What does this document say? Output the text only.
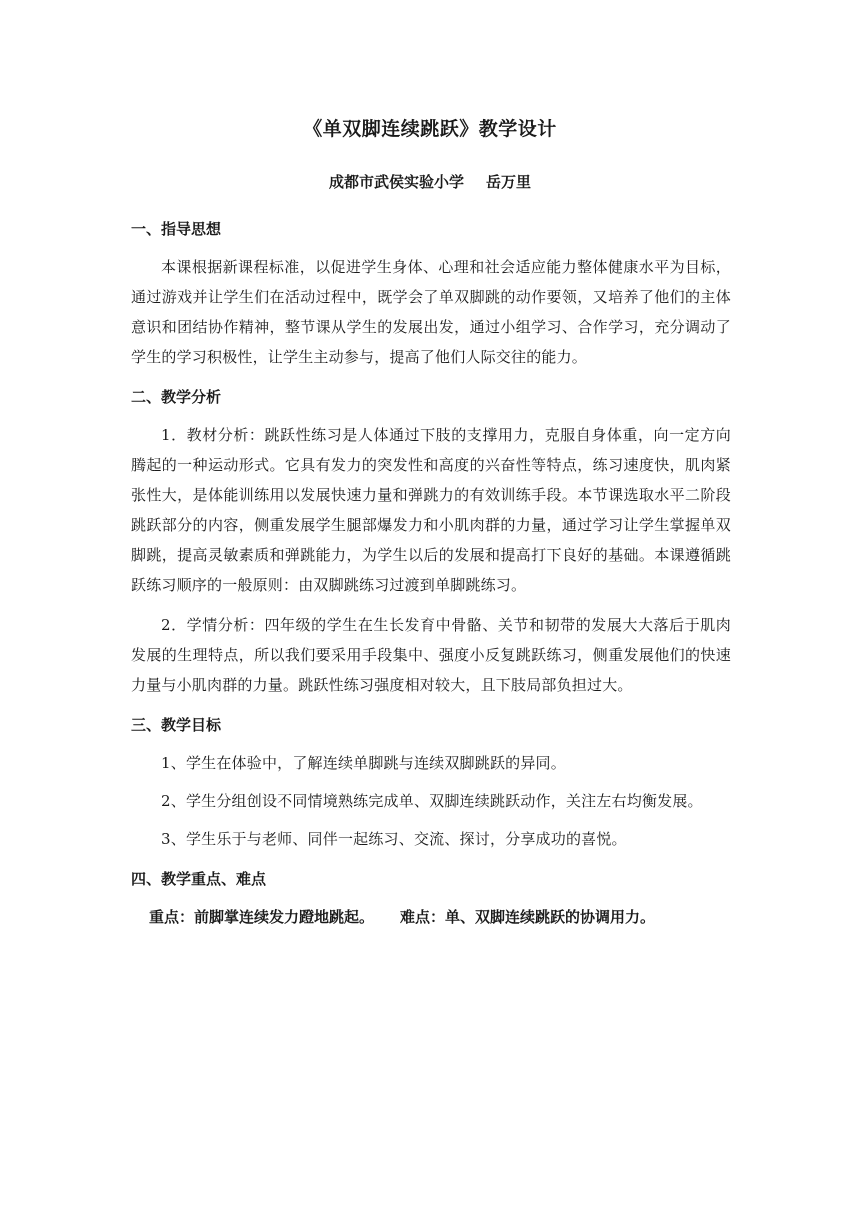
《单双脚连续跳跃》教学设计
成都市武侯实验小学 岳万里

一、指导思想

本课根据新课程标准，以促进学生身体、心理和社会适应能力整体健康水平为目标，通过游戏并让学生们在活动过程中，既学会了单双脚跳的动作要领，又培养了他们的主体意识和团结协作精神，整节课从学生的发展出发，通过小组学习、合作学习，充分调动了学生的学习积极性，让学生主动参与，提高了他们人际交往的能力。

二、教学分析

1．教材分析：跳跃性练习是人体通过下肢的支撑用力，克服自身体重，向一定方向腾起的一种运动形式。它具有发力的突发性和高度的兴奋性等特点，练习速度快，肌肉紧张性大，是体能训练用以发展快速力量和弹跳力的有效训练手段。本节课选取水平二阶段跳跃部分的内容，侧重发展学生腿部爆发力和小肌肉群的力量，通过学习让学生掌握单双脚跳，提高灵敏素质和弹跳能力，为学生以后的发展和提高打下良好的基础。本课遵循跳跃练习顺序的一般原则：由双脚跳练习过渡到单脚跳练习。

2．学情分析：四年级的学生在生长发育中骨骼、关节和韧带的发展大大落后于肌肉发展的生理特点，所以我们要采用手段集中、强度小反复跳跃练习，侧重发展他们的快速力量与小肌肉群的力量。跳跃性练习强度相对较大，且下肢局部负担过大。

三、教学目标

1、学生在体验中，了解连续单脚跳与连续双脚跳跃的异同。

2、学生分组创设不同情境熟练完成单、双脚连续跳跃动作，关注左右均衡发展。

3、学生乐于与老师、同伴一起练习、交流、探讨，分享成功的喜悦。

四、教学重点、难点

重点：前脚掌连续发力蹬地跳起。 难点：单、双脚连续跳跃的协调用力。
